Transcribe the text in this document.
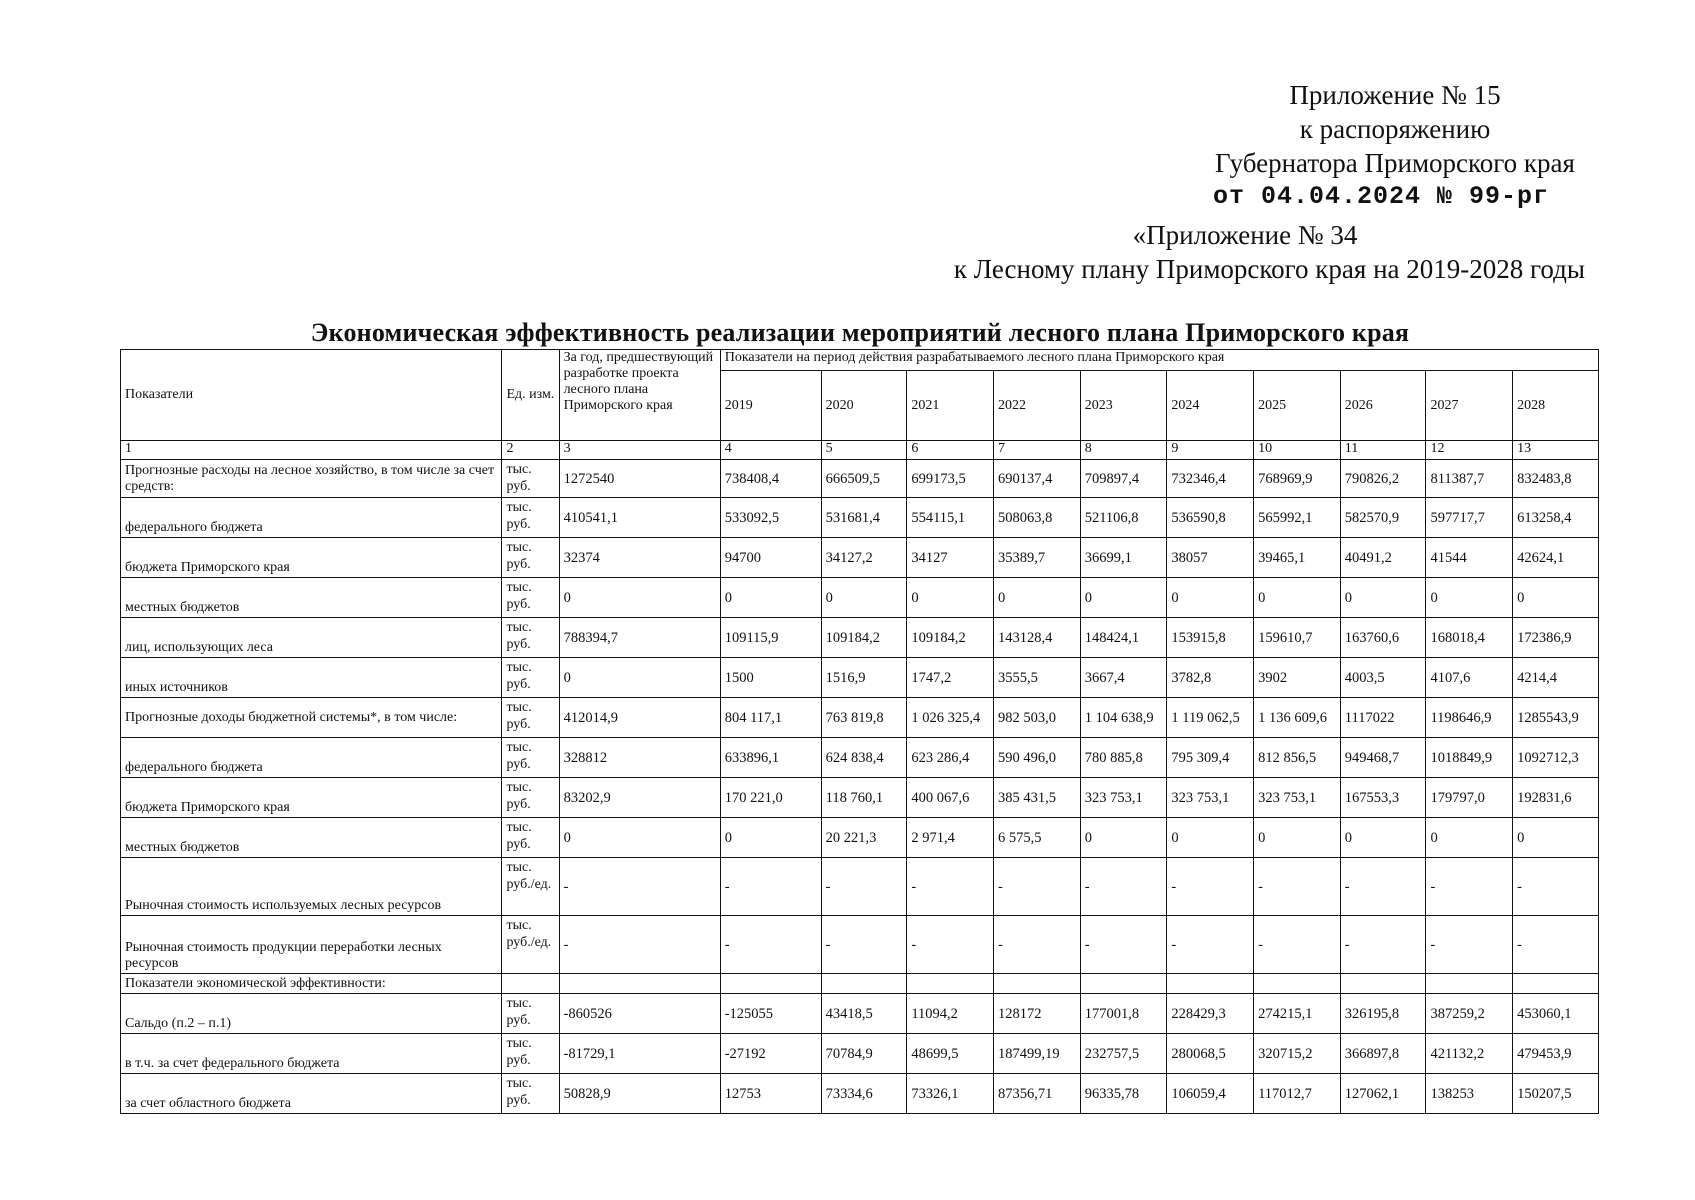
Приложение № 15
к распоряжению
Губернатора Приморского края
от 04.04.2024 № 99-рг
«Приложение № 34
к Лесному плану Приморского края на 2019-2028 годы
Экономическая эффективность реализации мероприятий лесного плана Приморского края
Показатели	Ед. изм.	За год, предшествующий разработке проекта лесного плана Приморского края	Показатели на период действия разрабатываемого лесного плана Приморского края									
			2019	2020	2021	2022	2023	2024	2025	2026	2027	2028
1	2	3	4	5	6	7	8	9	10	11	12	13
Прогнозные расходы на лесное хозяйство, в том числе за счет средств:	тыс. руб.	1272540	738408,4	666509,5	699173,5	690137,4	709897,4	732346,4	768969,9	790826,2	811387,7	832483,8
федерального бюджета	тыс. руб.	410541,1	533092,5	531681,4	554115,1	508063,8	521106,8	536590,8	565992,1	582570,9	597717,7	613258,4
бюджета Приморского края	тыс. руб.	32374	94700	34127,2	34127	35389,7	36699,1	38057	39465,1	40491,2	41544	42624,1
местных бюджетов	тыс. руб.	0	0	0	0	0	0	0	0	0	0	0
лиц, использующих леса	тыс. руб.	788394,7	109115,9	109184,2	109184,2	143128,4	148424,1	153915,8	159610,7	163760,6	168018,4	172386,9
иных источников	тыс. руб.	0	1500	1516,9	1747,2	3555,5	3667,4	3782,8	3902	4003,5	4107,6	4214,4
Прогнозные доходы бюджетной системы*, в том числе:	тыс. руб.	412014,9	804 117,1	763 819,8	1 026 325,4	982 503,0	1 104 638,9	1 119 062,5	1 136 609,6	1117022	1198646,9	1285543,9
федерального бюджета	тыс. руб.	328812	633896,1	624 838,4	623 286,4	590 496,0	780 885,8	795 309,4	812 856,5	949468,7	1018849,9	1092712,3
бюджета Приморского края	тыс. руб.	83202,9	170 221,0	118 760,1	400 067,6	385 431,5	323 753,1	323 753,1	323 753,1	167553,3	179797,0	192831,6
местных бюджетов	тыс. руб.	0	0	20 221,3	2 971,4	6 575,5	0	0	0	0	0	0
Рыночная стоимость используемых лесных ресурсов	тыс. руб./ед.	-	-	-	-	-	-	-	-	-	-	-
Рыночная стоимость продукции переработки лесных ресурсов	тыс. руб./ед.	-	-	-	-	-	-	-	-	-	-	-
Показатели экономической эффективности:												
Сальдо (п.2 – п.1)	тыс. руб.	-860526	-125055	43418,5	11094,2	128172	177001,8	228429,3	274215,1	326195,8	387259,2	453060,1
в т.ч. за счет федерального бюджета	тыс. руб.	-81729,1	-27192	70784,9	48699,5	187499,19	232757,5	280068,5	320715,2	366897,8	421132,2	479453,9
за счет областного бюджета	тыс. руб.	50828,9	12753	73334,6	73326,1	87356,71	96335,78	106059,4	117012,7	127062,1	138253	150207,5
